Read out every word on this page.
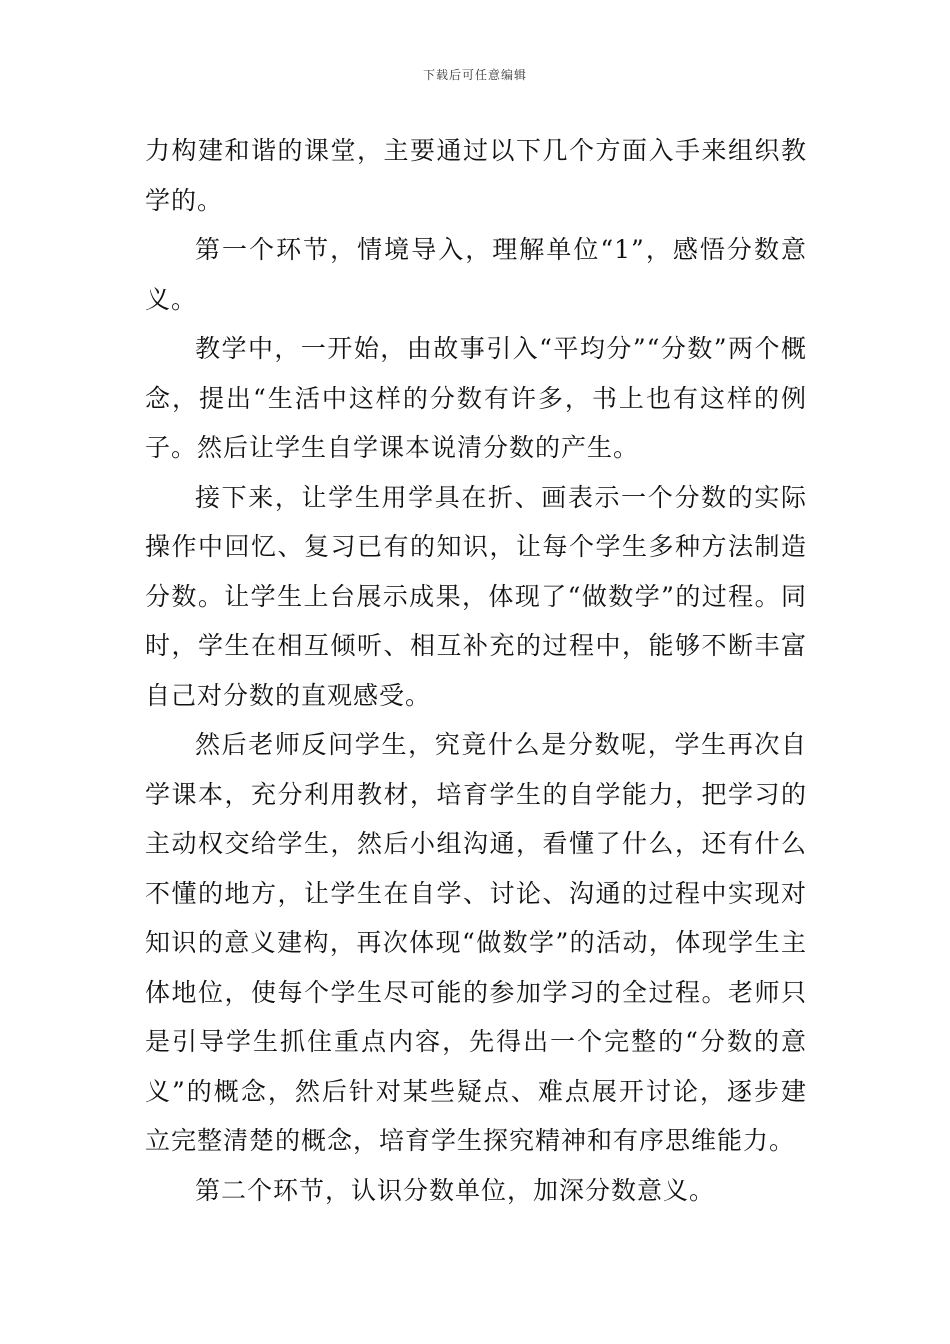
下载后可任意编辑

力构建和谐的课堂，主要通过以下几个方面入手来组织教学的。

第一个环节，情境导入，理解单位“1”，感悟分数意义。

教学中，一开始，由故事引入“平均分”“分数”两个概念，提出“生活中这样的分数有许多，书上也有这样的例子。然后让学生自学课本说清分数的产生。

接下来，让学生用学具在折、画表示一个分数的实际操作中回忆、复习已有的知识，让每个学生多种方法制造分数。让学生上台展示成果，体现了“做数学”的过程。同时，学生在相互倾听、相互补充的过程中，能够不断丰富自己对分数的直观感受。

然后老师反问学生，究竟什么是分数呢，学生再次自学课本，充分利用教材，培育学生的自学能力，把学习的主动权交给学生，然后小组沟通，看懂了什么，还有什么不懂的地方，让学生在自学、讨论、沟通的过程中实现对知识的意义建构，再次体现“做数学”的活动，体现学生主体地位，使每个学生尽可能的参加学习的全过程。老师只是引导学生抓住重点内容，先得出一个完整的“分数的意义”的概念，然后针对某些疑点、难点展开讨论，逐步建立完整清楚的概念，培育学生探究精神和有序思维能力。

第二个环节，认识分数单位，加深分数意义。
